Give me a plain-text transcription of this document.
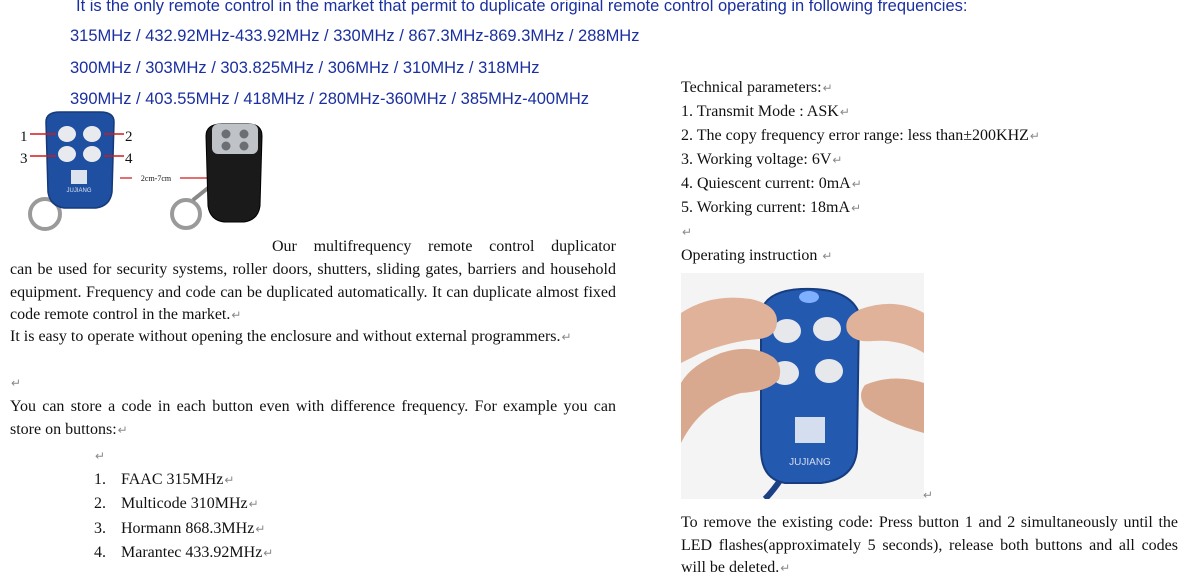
It is the only remote control in the market that permit to duplicate original remote control operating in following frequencies:
315MHz / 432.92MHz-433.92MHz / 330MHz / 867.3MHz-869.3MHz / 288MHz
300MHz / 303MHz / 303.825MHz / 306MHz / 310MHz / 318MHz
390MHz / 403.55MHz / 418MHz / 280MHz-360MHz / 385MHz-400MHz
JUJIANG
1	2
3	4
2cm-7cm
Our multifrequency remote control duplicator
can be used for security systems, roller doors, shutters, sliding gates, barriers and household equipment. Frequency and code can be duplicated automatically. It can duplicate almost fixed code remote control in the market.↵
It is easy to operate without opening the enclosure and without external programmers.↵
↵
You can store a code in each button even with difference frequency. For example you can store on buttons:↵
↵
1. FAAC 315MHz↵
2. Multicode 310MHz↵
3. Hormann 868.3MHz↵
4. Marantec 433.92MHz↵
Technical parameters:↵
1. Transmit Mode : ASK↵
2. The copy frequency error range: less than±200KHZ↵
3. Working voltage: 6V↵
4. Quiescent current: 0mA↵
5. Working current: 18mA↵
↵
Operating instruction ↵
JUJIANG
↵
To remove the existing code: Press button 1 and 2 simultaneously until the LED flashes(approximately 5 seconds), release both buttons and all codes will be deleted.↵
